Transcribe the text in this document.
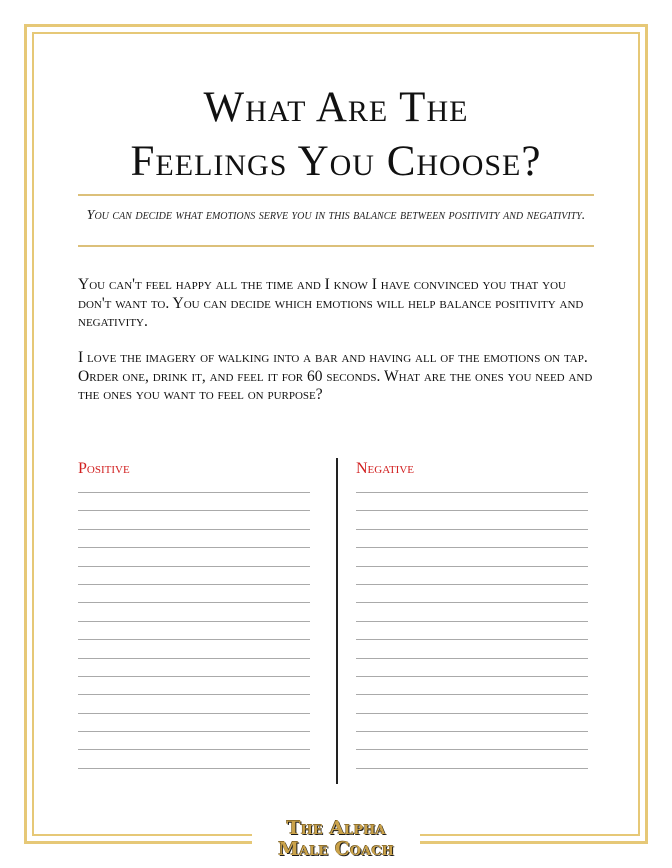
What Are The
Feelings You Choose?
You can decide what emotions serve you in this balance between positivity and negativity.
You can't feel happy all the time and I know I have convinced you that you don't want to. You can decide which emotions will help balance positivity and negativity.
I love the imagery of walking into a bar and having all of the emotions on tap. Order one, drink it, and feel it for 60 seconds. What are the ones you need and the ones you want to feel on purpose?
Positive	Negative
The Alpha
Male Coach
